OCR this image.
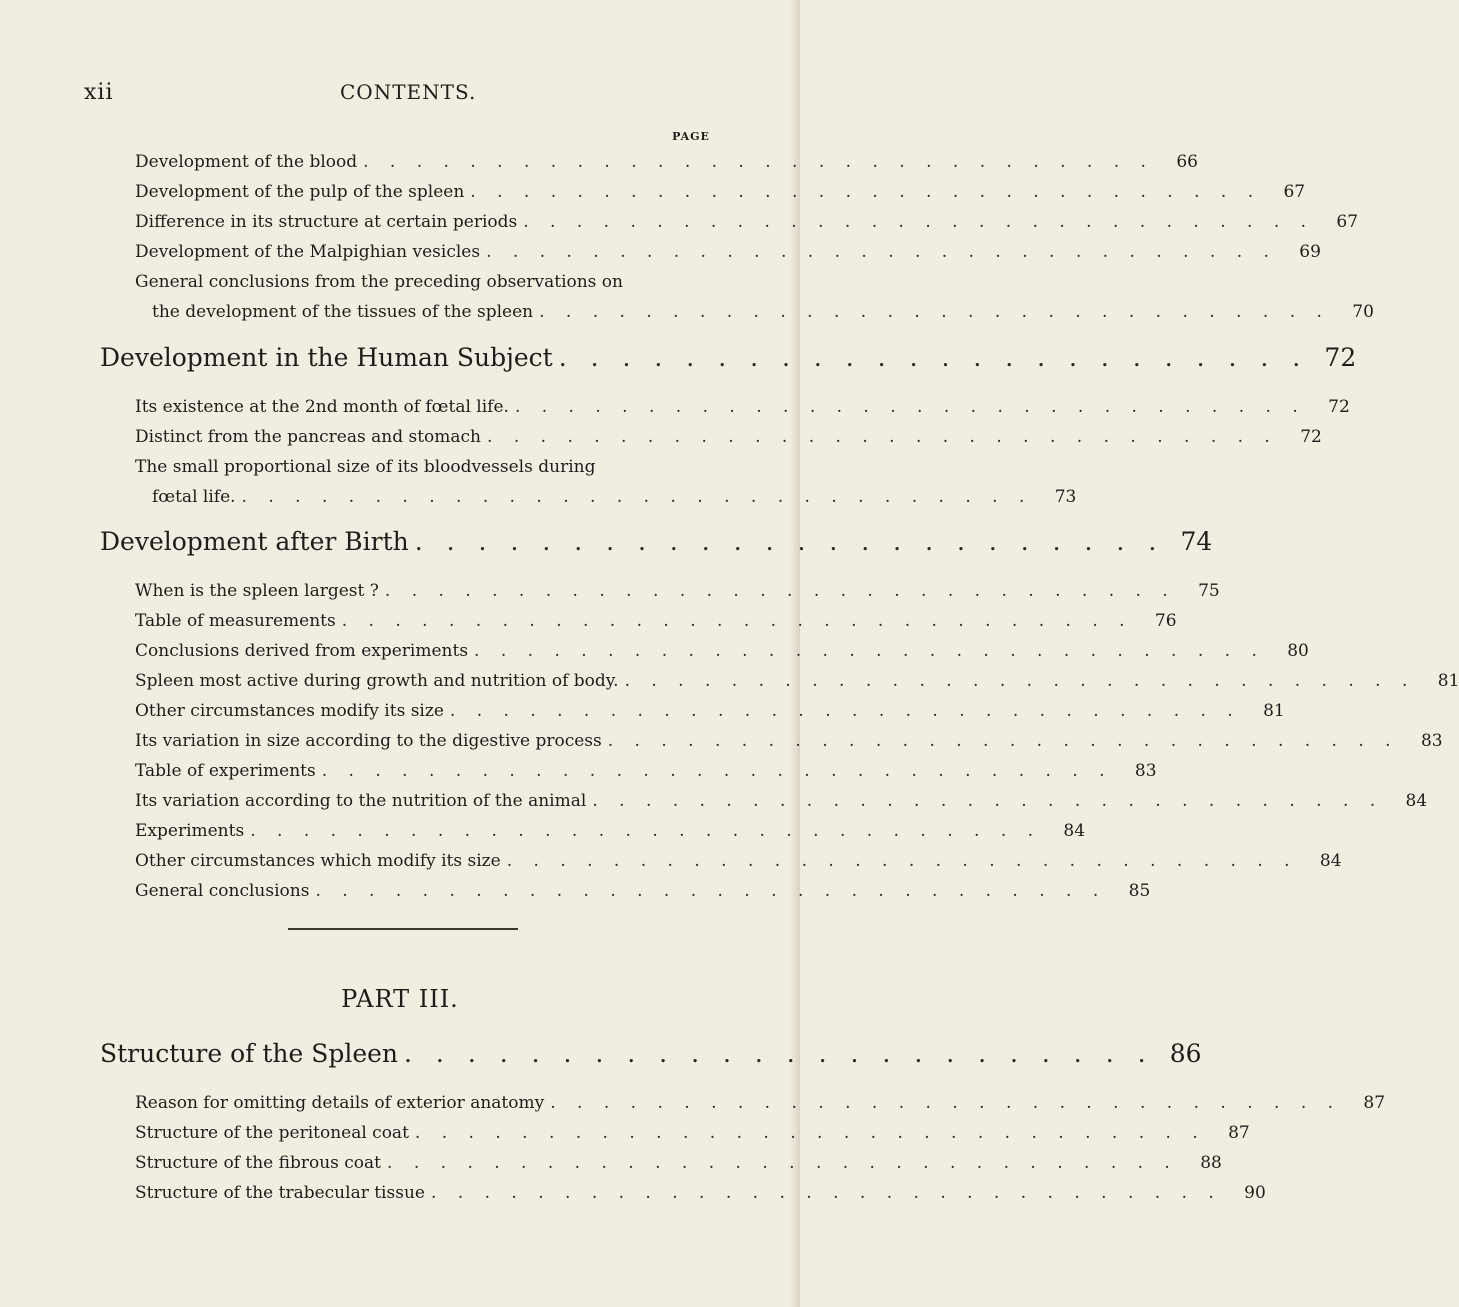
xii	CONTENTS.
PAGE
Development of the blood . . . . . . . . . . . . . . . . . . . . . . . . . . . . . .	66
Development of the pulp of the spleen . . . . . . . . . . . . . . . . . . . . . . . . . . . . . .	67
Difference in its structure at certain periods . . . . . . . . . . . . . . . . . . . . . . . . . . . . . .	67
Development of the Malpighian vesicles . . . . . . . . . . . . . . . . . . . . . . . . . . . . . .	69
General conclusions from the preceding observations on
the development of the tissues of the spleen . . . . . . . . . . . . . . . . . . . . . . . . . . . . . .	70
Development in the Human Subject . . . . . . . . . . . . . . . . . . . . . . . . 72
Its existence at the 2nd month of fœtal life. . . . . . . . . . . . . . . . . . . . . . . . . . . . . . .	72
Distinct from the pancreas and stomach . . . . . . . . . . . . . . . . . . . . . . . . . . . . . .	72
The small proportional size of its bloodvessels during
fœtal life. . . . . . . . . . . . . . . . . . . . . . . . . . . . . . .	73
Development after Birth . . . . . . . . . . . . . . . . . . . . . . . . 74
When is the spleen largest ? . . . . . . . . . . . . . . . . . . . . . . . . . . . . . .	75
Table of measurements . . . . . . . . . . . . . . . . . . . . . . . . . . . . . .	76
Conclusions derived from experiments . . . . . . . . . . . . . . . . . . . . . . . . . . . . . .	80
Spleen most active during growth and nutrition of body. . . . . . . . . . . . . . . . . . . . . . . . . . . . . . .	81
Other circumstances modify its size . . . . . . . . . . . . . . . . . . . . . . . . . . . . . .	81
Its variation in size according to the digestive process . . . . . . . . . . . . . . . . . . . . . . . . . . . . . .	83
Table of experiments . . . . . . . . . . . . . . . . . . . . . . . . . . . . . .	83
Its variation according to the nutrition of the animal . . . . . . . . . . . . . . . . . . . . . . . . . . . . . .	84
Experiments . . . . . . . . . . . . . . . . . . . . . . . . . . . . . .	84
Other circumstances which modify its size . . . . . . . . . . . . . . . . . . . . . . . . . . . . . .	84
General conclusions . . . . . . . . . . . . . . . . . . . . . . . . . . . . . .	85
PART III.
Structure of the Spleen . . . . . . . . . . . . . . . . . . . . . . . . 86
Reason for omitting details of exterior anatomy . . . . . . . . . . . . . . . . . . . . . . . . . . . . . .	87
Structure of the peritoneal coat . . . . . . . . . . . . . . . . . . . . . . . . . . . . . .	87
Structure of the fibrous coat . . . . . . . . . . . . . . . . . . . . . . . . . . . . . .	88
Structure of the trabecular tissue . . . . . . . . . . . . . . . . . . . . . . . . . . . . . .	90
